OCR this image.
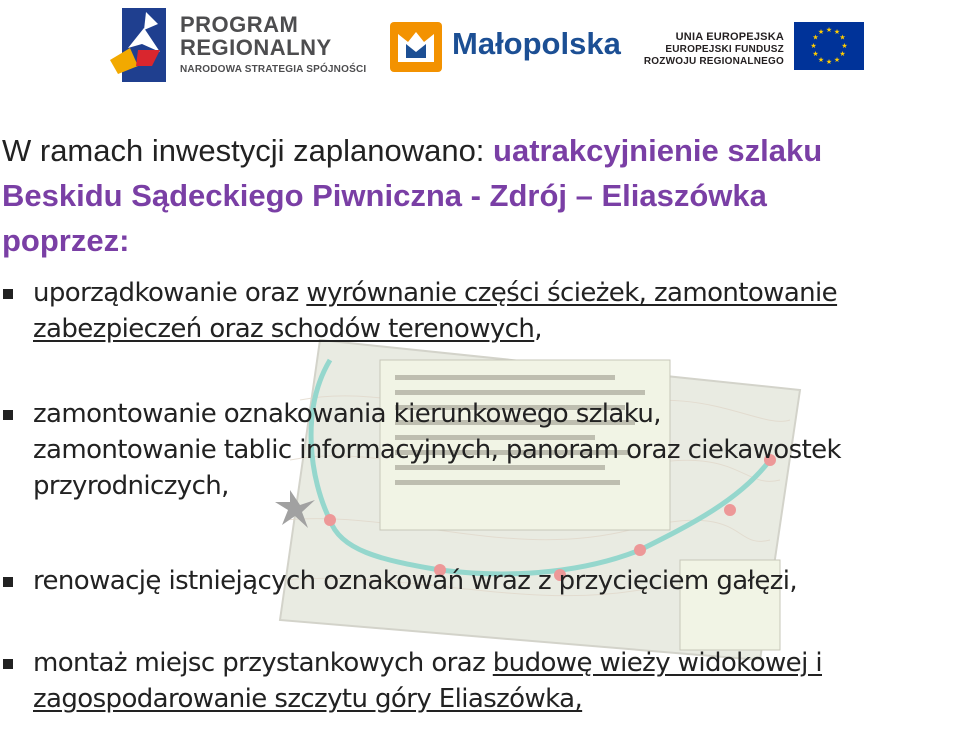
PROGRAM
REGIONALNY
NARODOWA STRATEGIA SPÓJNOŚCI
Małopolska	UNIA EUROPEJSKA
EUROPEJSKI FUNDUSZ
ROZWOJU REGIONALNEGO
★ ★
★
★
★
★
★
★
★
★
★
★

W ramach inwestycji zaplanowano: uatrakcyjnienie szlaku
Beskidu Sądeckiego Piwniczna - Zdrój – Eliaszówka
poprzez:

uporządkowanie oraz wyrównanie części ścieżek, zamontowanie
zabezpieczeń oraz schodów terenowych,
zamontowanie oznakowania kierunkowego szlaku,
zamontowanie tablic informacyjnych, panoram oraz ciekawostek
przyrodniczych,
renowację istniejących oznakowań wraz z przycięciem gałęzi,
montaż miejsc przystankowych oraz budowę wieży widokowej i
zagospodarowanie szczytu góry Eliaszówka,
